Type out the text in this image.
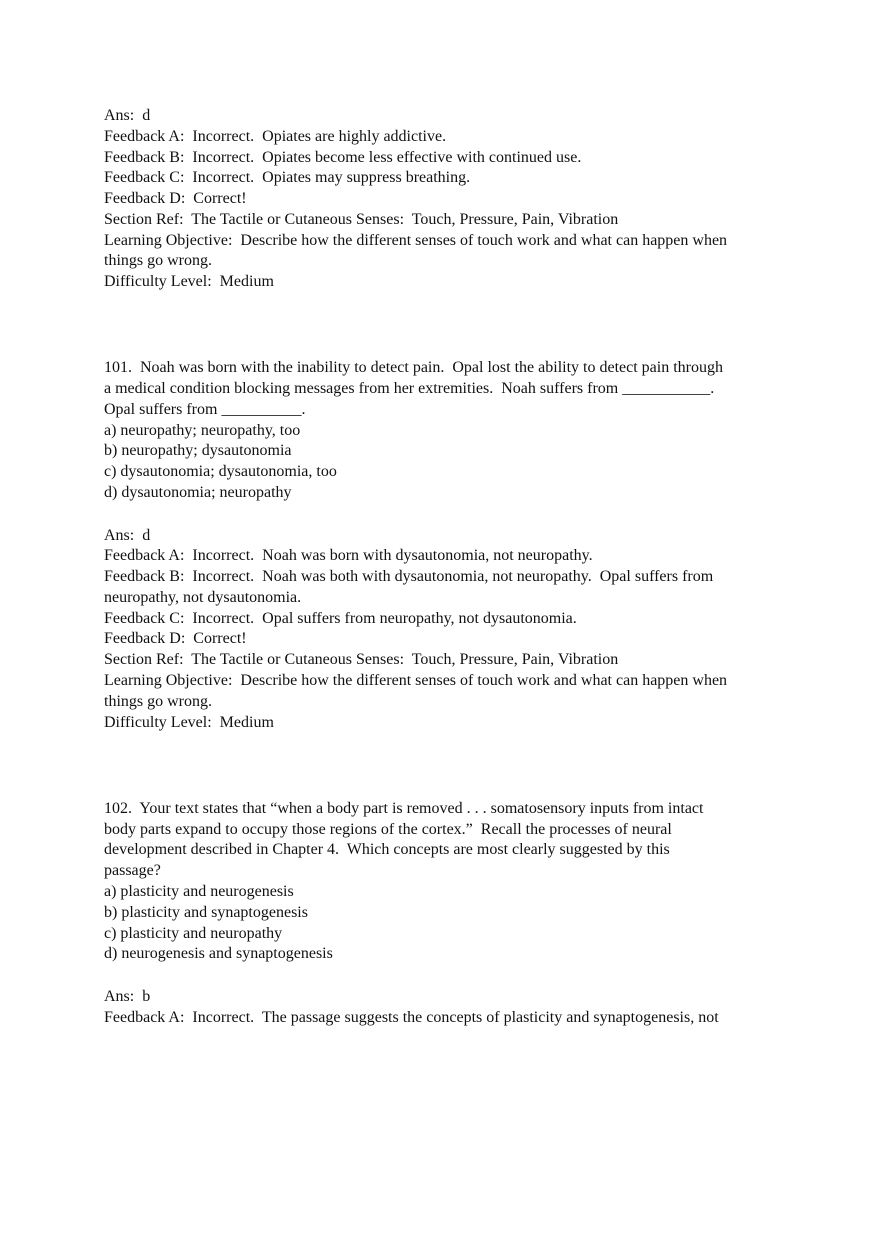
Ans:  d
Feedback A:  Incorrect.  Opiates are highly addictive.
Feedback B:  Incorrect.  Opiates become less effective with continued use.
Feedback C:  Incorrect.  Opiates may suppress breathing.
Feedback D:  Correct!
Section Ref:  The Tactile or Cutaneous Senses:  Touch, Pressure, Pain, Vibration
Learning Objective:  Describe how the different senses of touch work and what can happen when
things go wrong.
Difficulty Level:  Medium
101.  Noah was born with the inability to detect pain.  Opal lost the ability to detect pain through
a medical condition blocking messages from her extremities.  Noah suffers from ___________.
Opal suffers from __________.
a) neuropathy; neuropathy, too
b) neuropathy; dysautonomia
c) dysautonomia; dysautonomia, too
d) dysautonomia; neuropathy
Ans:  d
Feedback A:  Incorrect.  Noah was born with dysautonomia, not neuropathy.
Feedback B:  Incorrect.  Noah was both with dysautonomia, not neuropathy.  Opal suffers from
neuropathy, not dysautonomia.
Feedback C:  Incorrect.  Opal suffers from neuropathy, not dysautonomia.
Feedback D:  Correct!
Section Ref:  The Tactile or Cutaneous Senses:  Touch, Pressure, Pain, Vibration
Learning Objective:  Describe how the different senses of touch work and what can happen when
things go wrong.
Difficulty Level:  Medium
102.  Your text states that “when a body part is removed . . . somatosensory inputs from intact
body parts expand to occupy those regions of the cortex.”  Recall the processes of neural
development described in Chapter 4.  Which concepts are most clearly suggested by this
passage?
a) plasticity and neurogenesis
b) plasticity and synaptogenesis
c) plasticity and neuropathy
d) neurogenesis and synaptogenesis
Ans:  b
Feedback A:  Incorrect.  The passage suggests the concepts of plasticity and synaptogenesis, not
